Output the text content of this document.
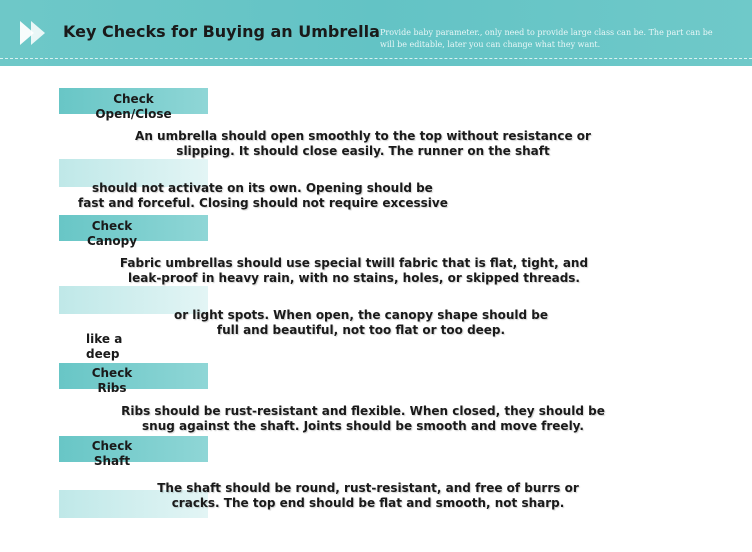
Key Checks for Buying an Umbrella Provide baby parameter., only need to provide large class can be. The part can be
will be editable, later you can change what they want.
Check
Open/Close
An umbrella should open smoothly to the top without resistance or
slipping. It should close easily. The runner on the shaft
should not activate on its own. Opening should be
fast and forceful. Closing should not require excessive
Check
Canopy
Fabric umbrellas should use special twill fabric that is flat, tight, and
leak-proof in heavy rain, with no stains, holes, or skipped threads.
or light spots. When open, the canopy shape should be
full and beautiful, not too flat or too deep.
like a
deep
Check
Ribs
Ribs should be rust-resistant and flexible. When closed, they should be
snug against the shaft. Joints should be smooth and move freely.
Check
Shaft
The shaft should be round, rust-resistant, and free of burrs or
cracks. The top end should be flat and smooth, not sharp.
